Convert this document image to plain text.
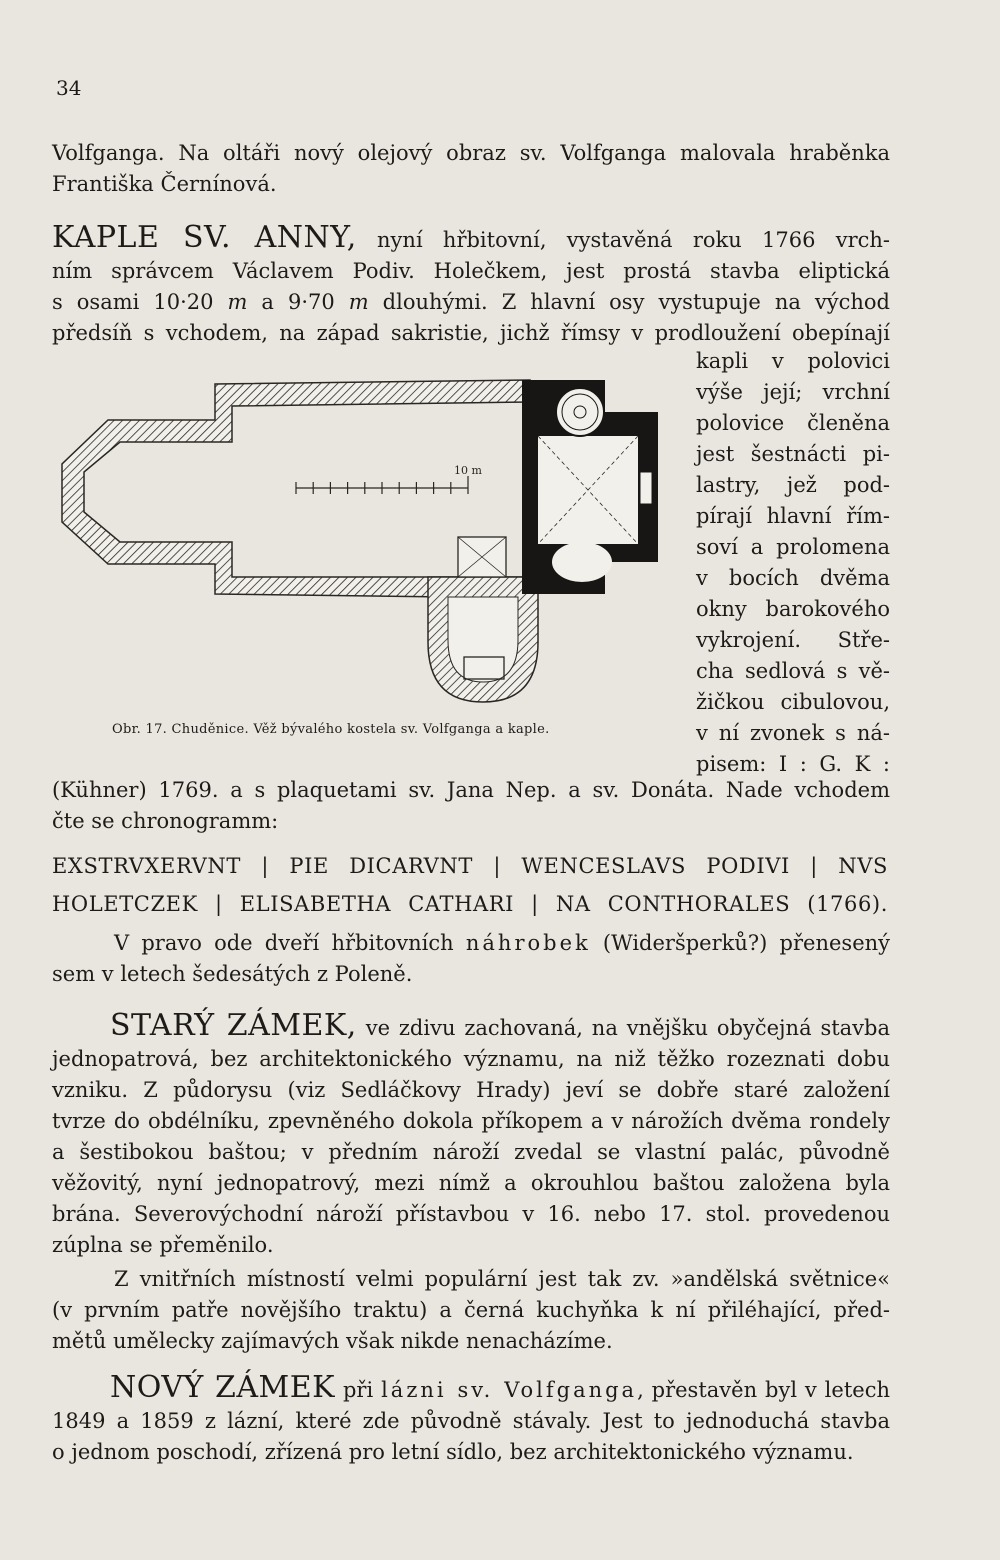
34

Volfganga. Na oltáři nový olejový obraz sv. Volfganga malovala hraběnka
Františka Černínová.

KAPLE SV. ANNY, nyní hřbitovní, vystavěná roku 1766 vrch-
ním správcem Václavem Podiv. Holečkem, jest prostá stavba eliptická
s osami 10·20 m a 9·70 m dlouhými. Z hlavní osy vystupuje na východ
předsíň s vchodem, na západ sakristie, jichž římsy v prodloužení obepínají

kapli v polovici
výše její; vrchní
polovice členěna
jest šestnácti pi-
lastry, jež pod-
pírají hlavní řím-
soví a prolomena
v bocích dvěma
okny barokového
vykrojení. Stře-
cha sedlová s vě-
žičkou cibulovou,
v ní zvonek s ná-
pisem: I : G. K :
10 m
Obr. 17. Chuděnice. Věž bývalého kostela sv. Volfganga a kaple.

(Kühner) 1769. a s plaquetami sv. Jana Nep. a sv. Donáta. Nade vchodem
čte se chronogramm:

EXSTRVXERVNT | PIE DICARVNT | WENCESLAVS PODIVI | NVS
HOLETCZEK | ELISABETHA CATHARI | NA CONTHORALES (1766).

V pravo ode dveří hřbitovních náhrobek (Wideršperků?) přenesený
sem v letech šedesátých z Poleně.

STARÝ ZÁMEK, ve zdivu zachovaná, na vnějšku obyčejná stavba
jednopatrová, bez architektonického významu, na niž těžko rozeznati dobu
vzniku. Z půdorysu (viz Sedláčkovy Hrady) jeví se dobře staré založení
tvrze do obdélníku, zpevněného dokola příkopem a v nárožích dvěma rondely
a šestibokou baštou; v předním nároží zvedal se vlastní palác, původně
věžovitý, nyní jednopatrový, mezi nímž a okrouhlou baštou založena byla
brána. Severovýchodní nároží přístavbou v 16. nebo 17. stol. provedenou
zúplna se přeměnilo.

Z vnitřních místností velmi populární jest tak zv. »andělská světnice«
(v prvním patře novějšího traktu) a černá kuchyňka k ní přiléhající, před-
mětů umělecky zajímavých však nikde nenacházíme.

NOVÝ ZÁMEK při lázni sv. Volfganga, přestavěn byl v letech
1849 a 1859 z lázní, které zde původně stávaly. Jest to jednoduchá stavba
o jednom poschodí, zřízená pro letní sídlo, bez architektonického významu.
